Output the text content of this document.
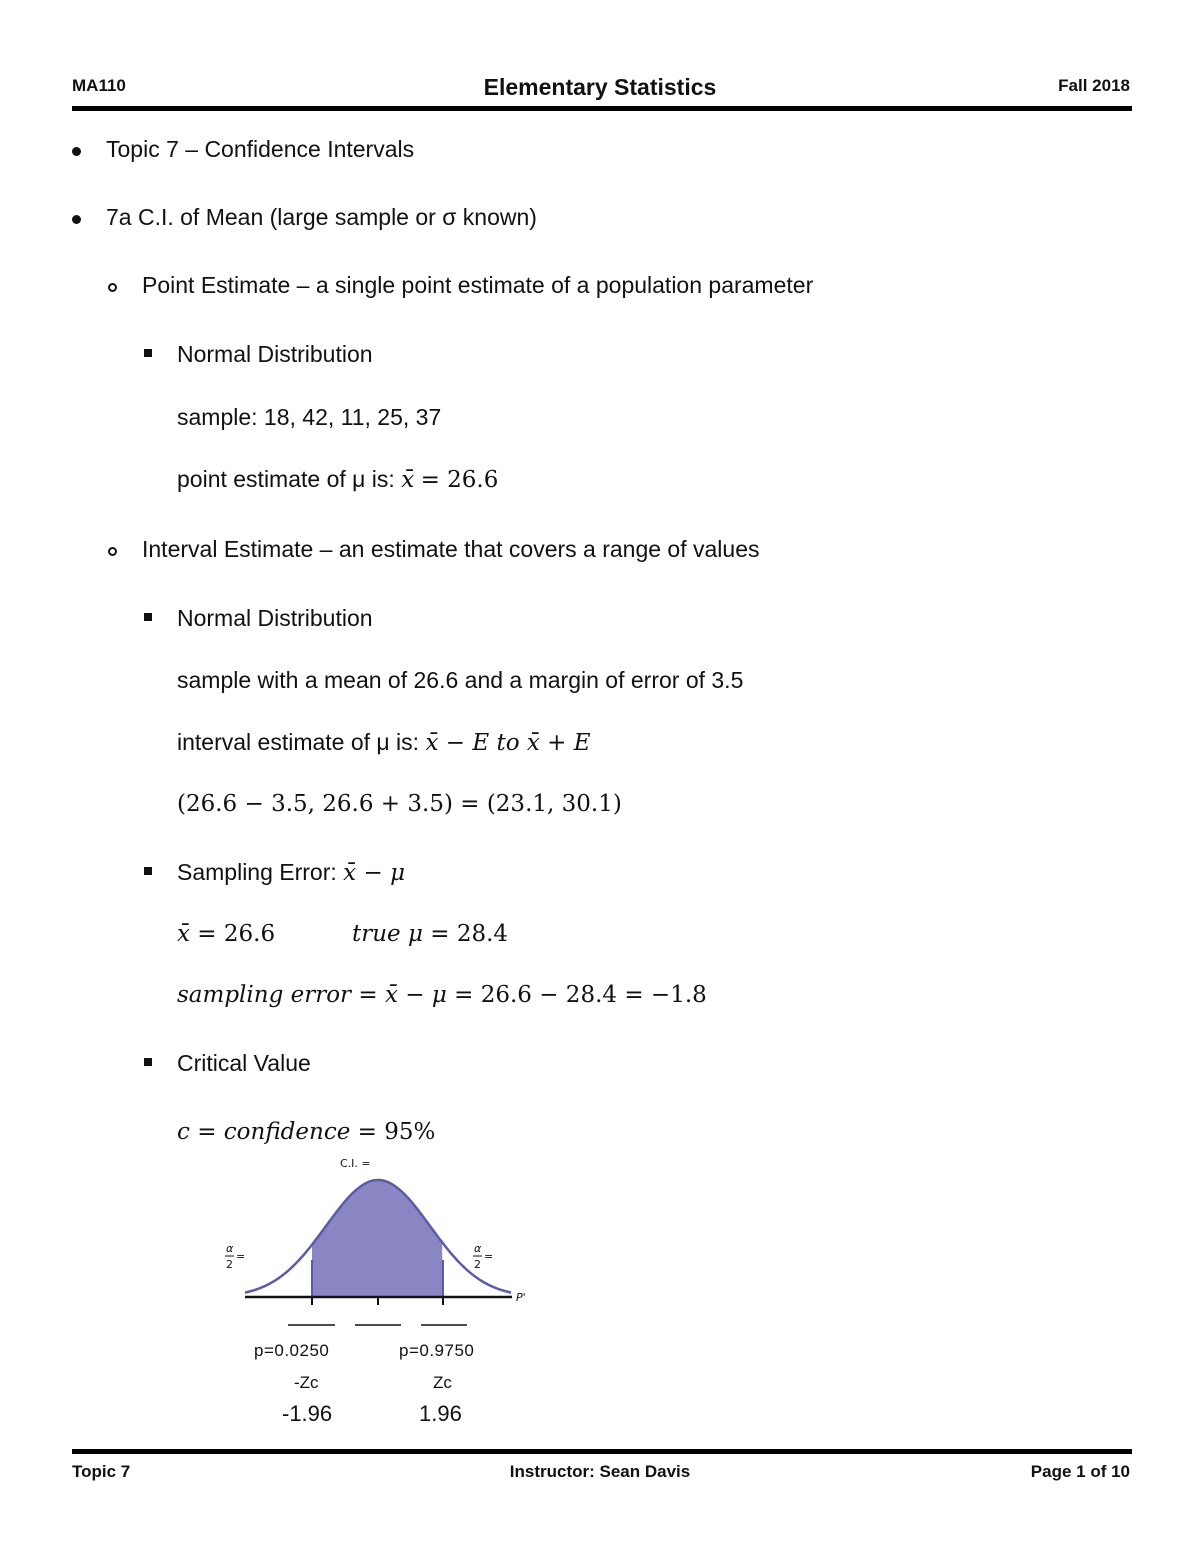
MA110	Elementary Statistics	Fall 2018
Topic 7 – Confidence Intervals
7a C.I. of Mean (large sample or σ known)
Point Estimate – a single point estimate of a population parameter
Normal Distribution
sample: 18, 42, 11, 25, 37
point estimate of μ is: x̄ = 26.6
Interval Estimate – an estimate that covers a range of values
Normal Distribution
sample with a mean of 26.6 and a margin of error of 3.5
interval estimate of μ is: x̄ − E to x̄ + E
(26.6 − 3.5, 26.6 + 3.5) = (23.1, 30.1)
Sampling Error: x̄ − μ
x̄ = 26.6	true μ = 28.4
sampling error = x̄ − μ = 26.6 − 28.4 = −1.8
Critical Value
c = confidence = 95%
C.I. =
P'
α
2
=
α
2
=
p=0.0250	p=0.9750
-Zc	Zc
-1.96	1.96
Topic 7	Instructor: Sean Davis	Page 1 of 10
